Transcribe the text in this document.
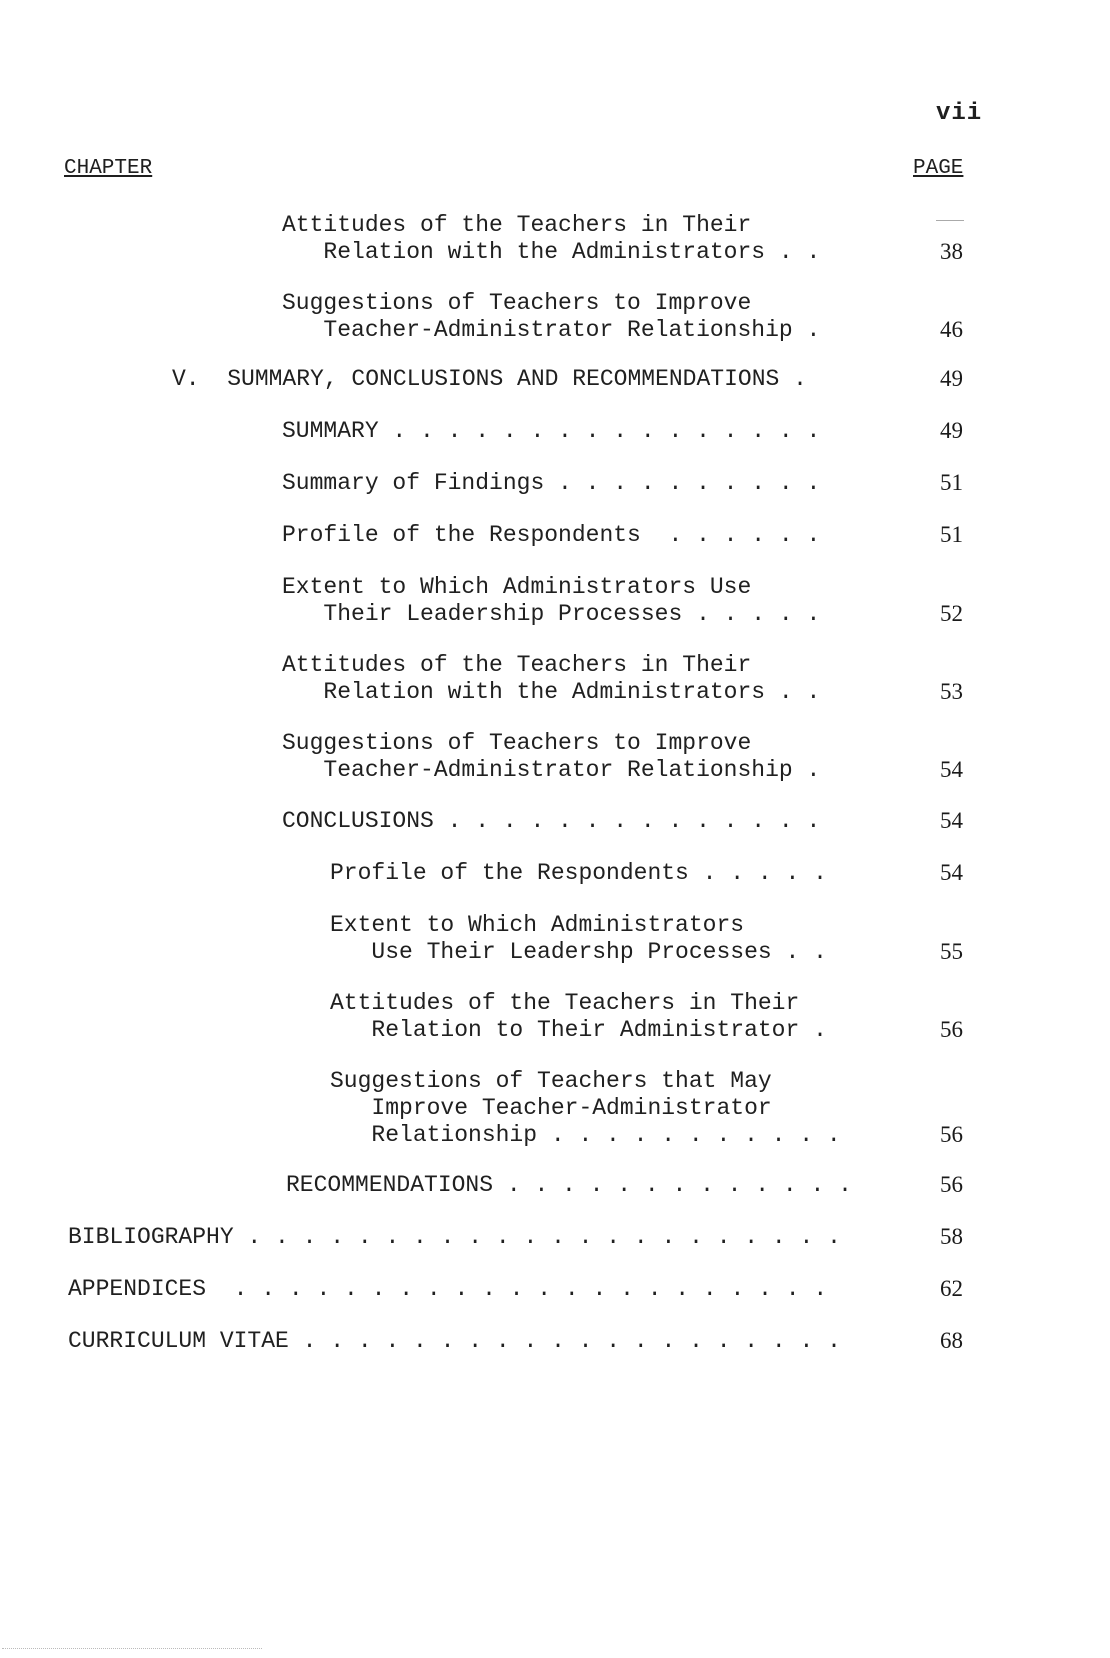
vii
CHAPTER	PAGE
Attitudes of the Teachers in Their
Relation with the Administrators . .	38
Suggestions of Teachers to Improve
Teacher-Administrator Relationship .	46
V.  SUMMARY, CONCLUSIONS AND RECOMMENDATIONS .	49
SUMMARY . . . . . . . . . . . . . . . .	49
Summary of Findings . . . . . . . . . .	51
Profile of the Respondents  . . . . . .	51
Extent to Which Administrators Use
Their Leadership Processes . . . . .	52
Attitudes of the Teachers in Their
Relation with the Administrators . .	53
Suggestions of Teachers to Improve
Teacher-Administrator Relationship .	54
CONCLUSIONS . . . . . . . . . . . . . .	54
Profile of the Respondents . . . . .	54
Extent to Which Administrators
Use Their Leadershp Processes . .	55
Attitudes of the Teachers in Their
Relation to Their Administrator .	56
Suggestions of Teachers that May
Improve Teacher-Administrator
Relationship . . . . . . . . . . .	56
RECOMMENDATIONS . . . . . . . . . . . . .	56
BIBLIOGRAPHY . . . . . . . . . . . . . . . . . . . . . .	58
APPENDICES  . . . . . . . . . . . . . . . . . . . . . .	62
CURRICULUM VITAE . . . . . . . . . . . . . . . . . . . .	68
